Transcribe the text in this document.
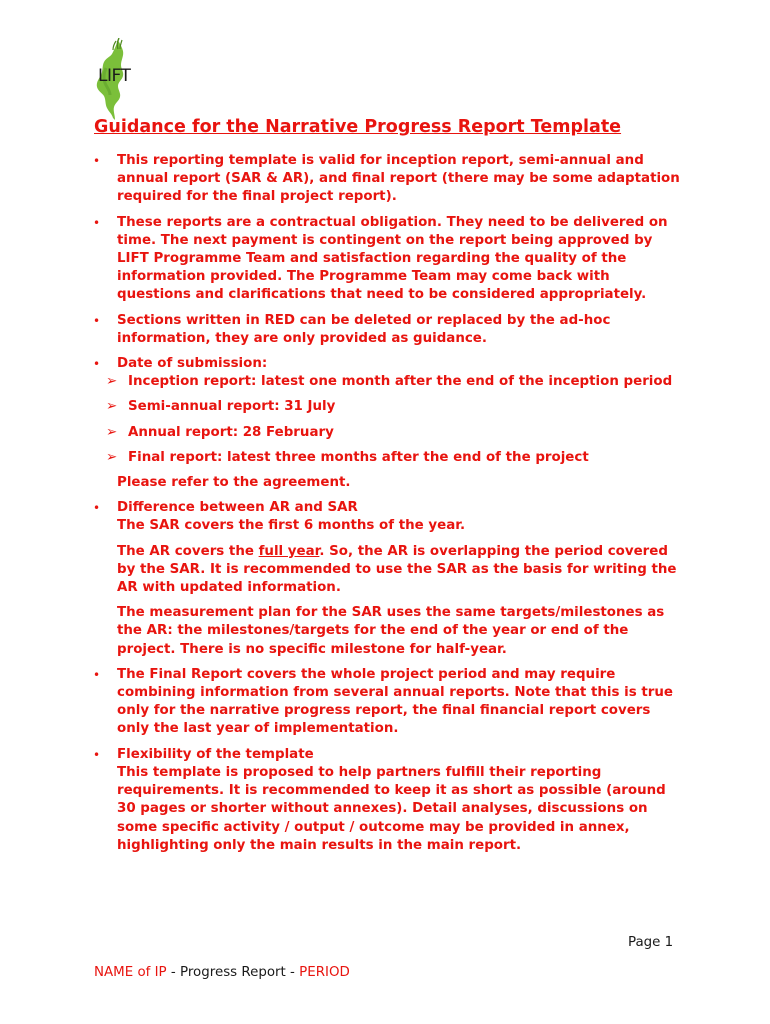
LIFT
Guidance for the Narrative Progress Report Template
• This reporting template is valid for inception report, semi-annual and annual report (SAR & AR), and final report (there may be some adaptation required for the final project report).

• These reports are a contractual obligation. They need to be delivered on time. The next payment is contingent on the report being approved by LIFT Programme Team and satisfaction regarding the quality of the information provided. The Programme Team may come back with questions and clarifications that need to be considered appropriately.

• Sections written in RED can be deleted or replaced by the ad-hoc information, they are only provided as guidance.

• Date of submission:

➢ Inception report: latest one month after the end of the inception period

➢ Semi-annual report: 31 July

➢ Annual report: 28 February

➢ Final report: latest three months after the end of the project

Please refer to the agreement.

• Difference between AR and SAR

The SAR covers the first 6 months of the year.

The AR covers the full year. So, the AR is overlapping the period covered by the SAR. It is recommended to use the SAR as the basis for writing the AR with updated information.

The measurement plan for the SAR uses the same targets/milestones as the AR: the milestones/targets for the end of the year or end of the project. There is no specific milestone for half-year.

• The Final Report covers the whole project period and may require combining information from several annual reports. Note that this is true only for the narrative progress report, the final financial report covers only the last year of implementation.

• Flexibility of the template

This template is proposed to help partners fulfill their reporting requirements. It is recommended to keep it as short as possible (around 30 pages or shorter without annexes). Detail analyses, discussions on some specific activity / output / outcome may be provided in annex, highlighting only the main results in the main report.

Page 1
NAME of IP - Progress Report - PERIOD
